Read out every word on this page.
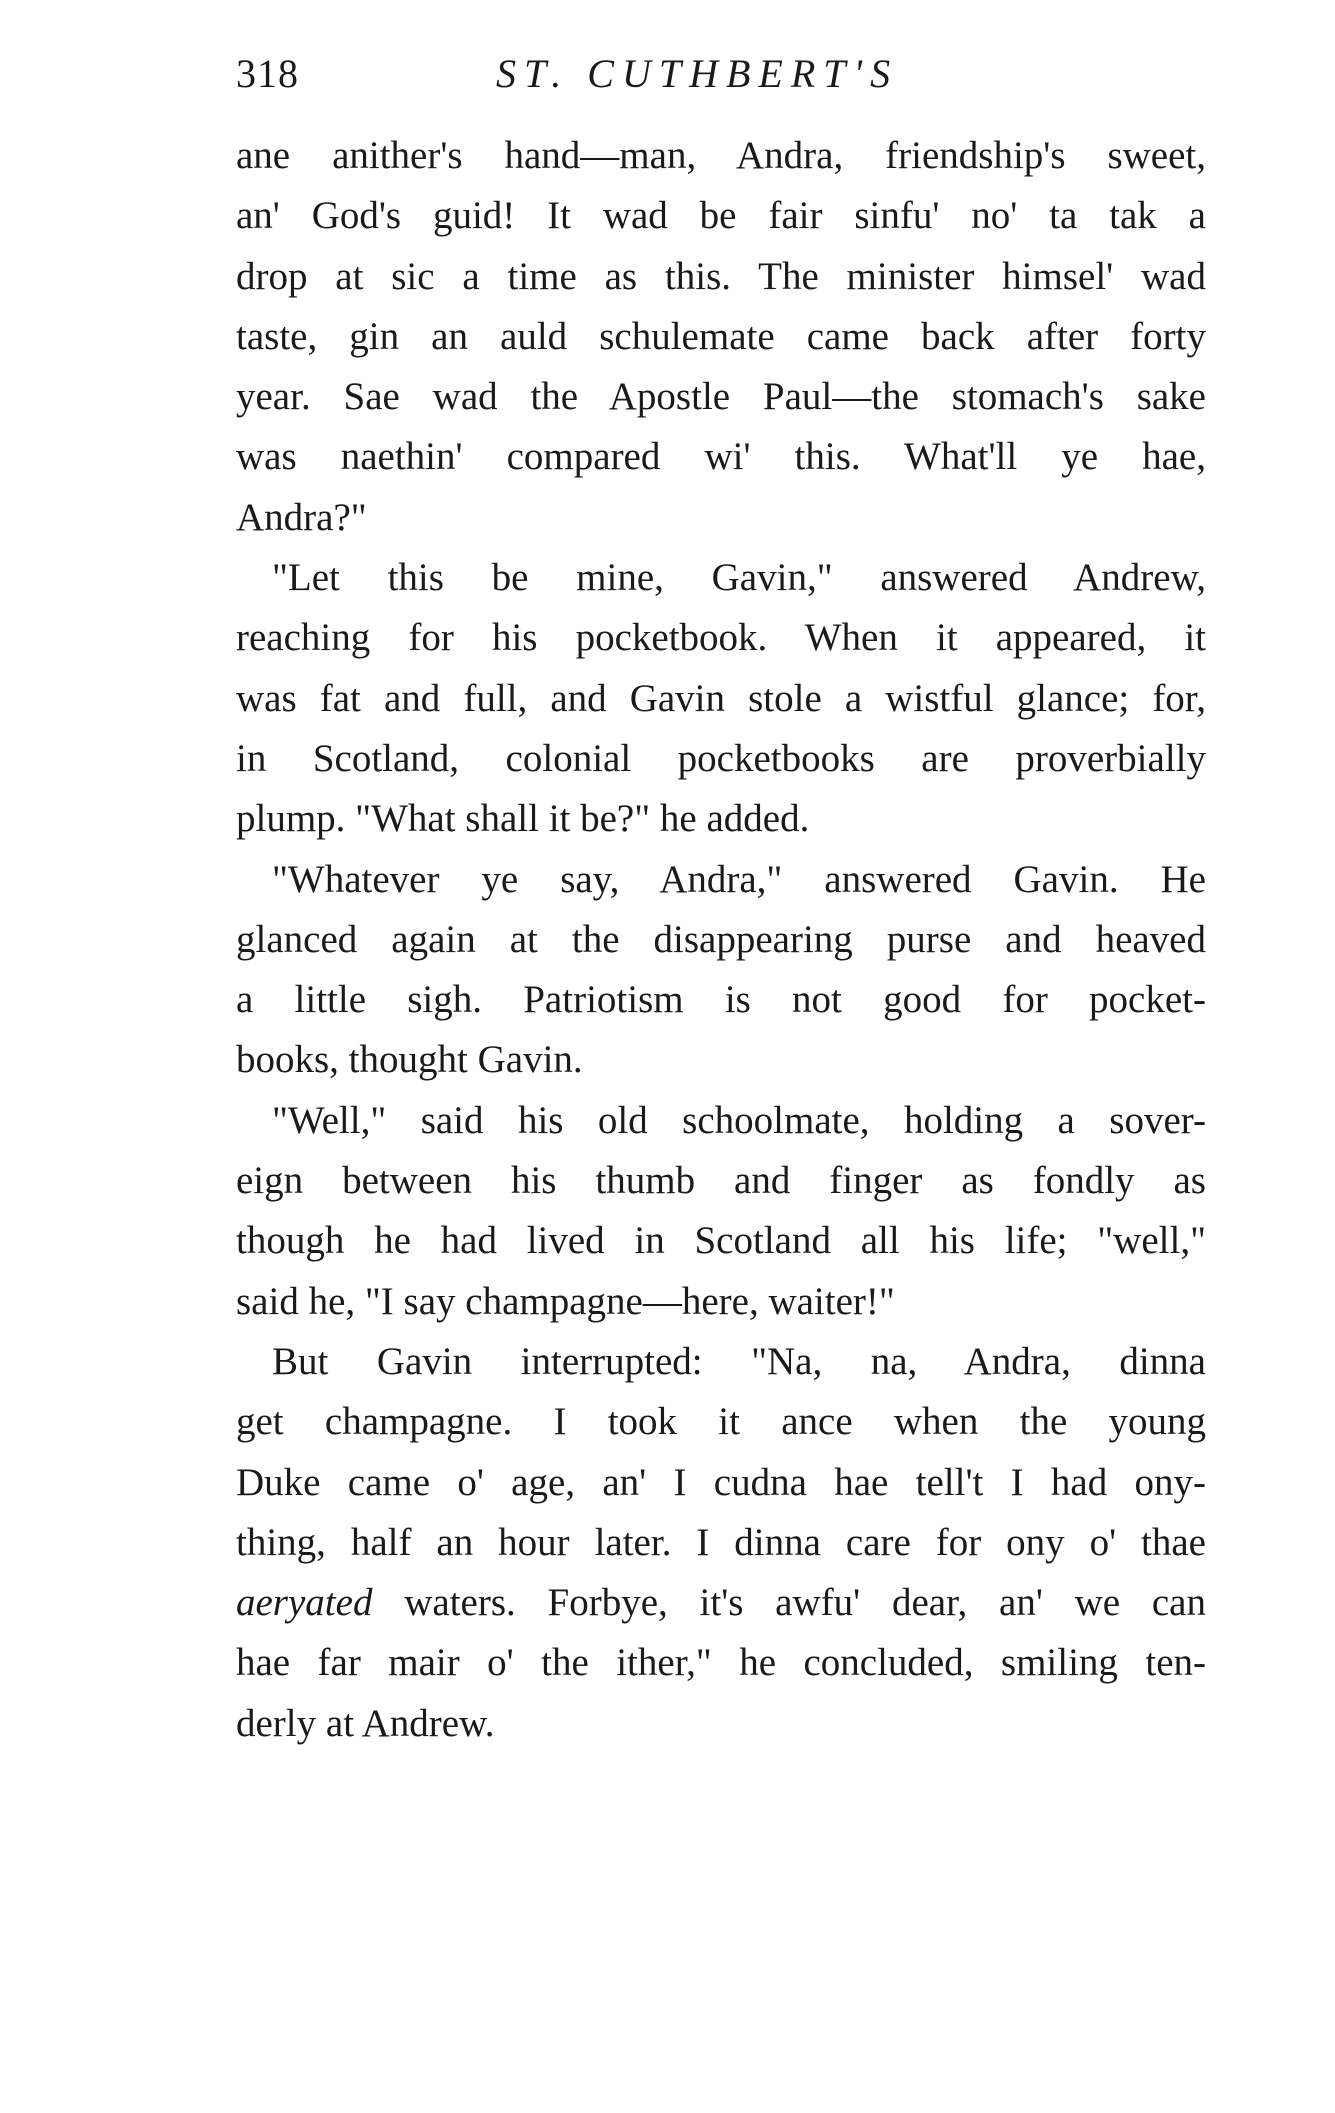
318	ST. CUTHBERT'S
ane anither's hand—man, Andra, friendship's sweet,
an' God's guid! It wad be fair sinfu' no' ta tak a
drop at sic a time as this. The minister himsel' wad
taste, gin an auld schulemate came back after forty
year. Sae wad the Apostle Paul—the stomach's sake
was naethin' compared wi' this. What'll ye hae,
Andra?"
"Let this be mine, Gavin," answered Andrew,
reaching for his pocketbook. When it appeared, it
was fat and full, and Gavin stole a wistful glance; for,
in Scotland, colonial pocketbooks are proverbially
plump. "What shall it be?" he added.
"Whatever ye say, Andra," answered Gavin. He
glanced again at the disappearing purse and heaved
a little sigh. Patriotism is not good for pocket-
books, thought Gavin.
"Well," said his old schoolmate, holding a sover-
eign between his thumb and finger as fondly as
though he had lived in Scotland all his life; "well,"
said he, "I say champagne—here, waiter!"
But Gavin interrupted: "Na, na, Andra, dinna
get champagne. I took it ance when the young
Duke came o' age, an' I cudna hae tell't I had ony-
thing, half an hour later. I dinna care for ony o' thae
aeryated waters. Forbye, it's awfu' dear, an' we can
hae far mair o' the ither," he concluded, smiling ten-
derly at Andrew.
